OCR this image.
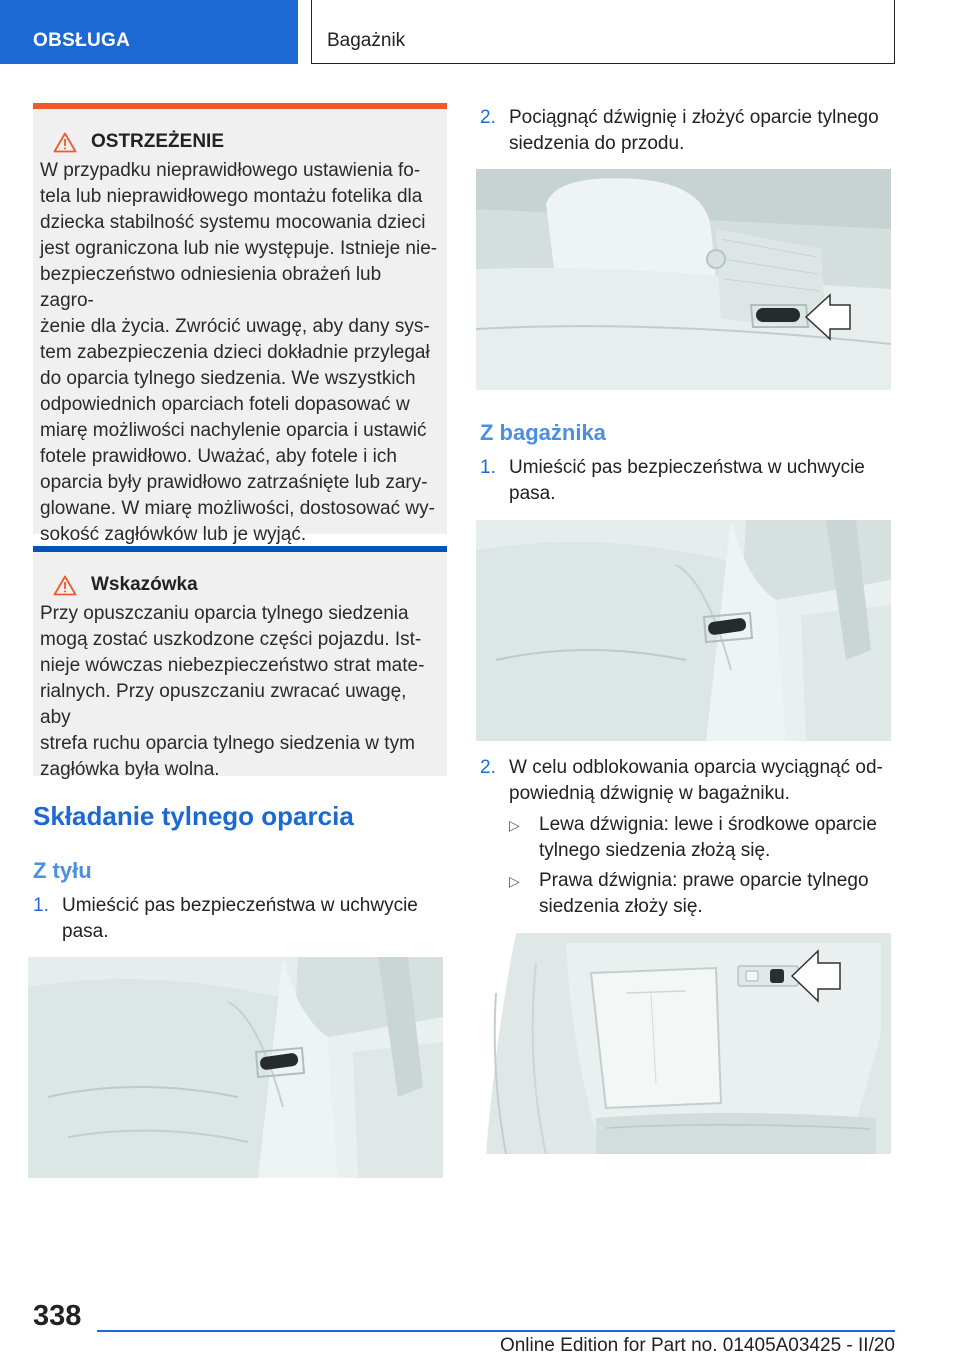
OBSŁUGA	Bagażnik
OSTRZEŻENIE
W przypadku nieprawidłowego ustawienia fo-
tela lub nieprawidłowego montażu fotelika dla
dziecka stabilność systemu mocowania dzieci
jest ograniczona lub nie występuje. Istnieje nie-
bezpieczeństwo odniesienia obrażeń lub zagro-
żenie dla życia. Zwrócić uwagę, aby dany sys-
tem zabezpieczenia dzieci dokładnie przylegał
do oparcia tylnego siedzenia. We wszystkich
odpowiednich oparciach foteli dopasować w
miarę możliwości nachylenie oparcia i ustawić
fotele prawidłowo. Uważać, aby fotele i ich
oparcia były prawidłowo zatrzaśnięte lub zary-
glowane. W miarę możliwości, dostosować wy-
sokość zagłówków lub je wyjąć.
Wskazówka
Przy opuszczaniu oparcia tylnego siedzenia
mogą zostać uszkodzone części pojazdu. Ist-
nieje wówczas niebezpieczeństwo strat mate-
rialnych. Przy opuszczaniu zwracać uwagę, aby
strefa ruchu oparcia tylnego siedzenia w tym
zagłówka była wolna.
Składanie tylnego oparcia
Z tyłu
1. Umieścić pas bezpieczeństwa w uchwycie
pasa.
2. Pociągnąć dźwignię i złożyć oparcie tylnego
siedzenia do przodu.
Z bagażnika
1. Umieścić pas bezpieczeństwa w uchwycie
pasa.
2. W celu odblokowania oparcia wyciągnąć od-
powiednią dźwignię w bagażniku.
▷ Lewa dźwignia: lewe i środkowe oparcie
tylnego siedzenia złożą się.
▷ Prawa dźwignia: prawe oparcie tylnego
siedzenia złoży się.
338
Online Edition for Part no. 01405A03425 - II/20
